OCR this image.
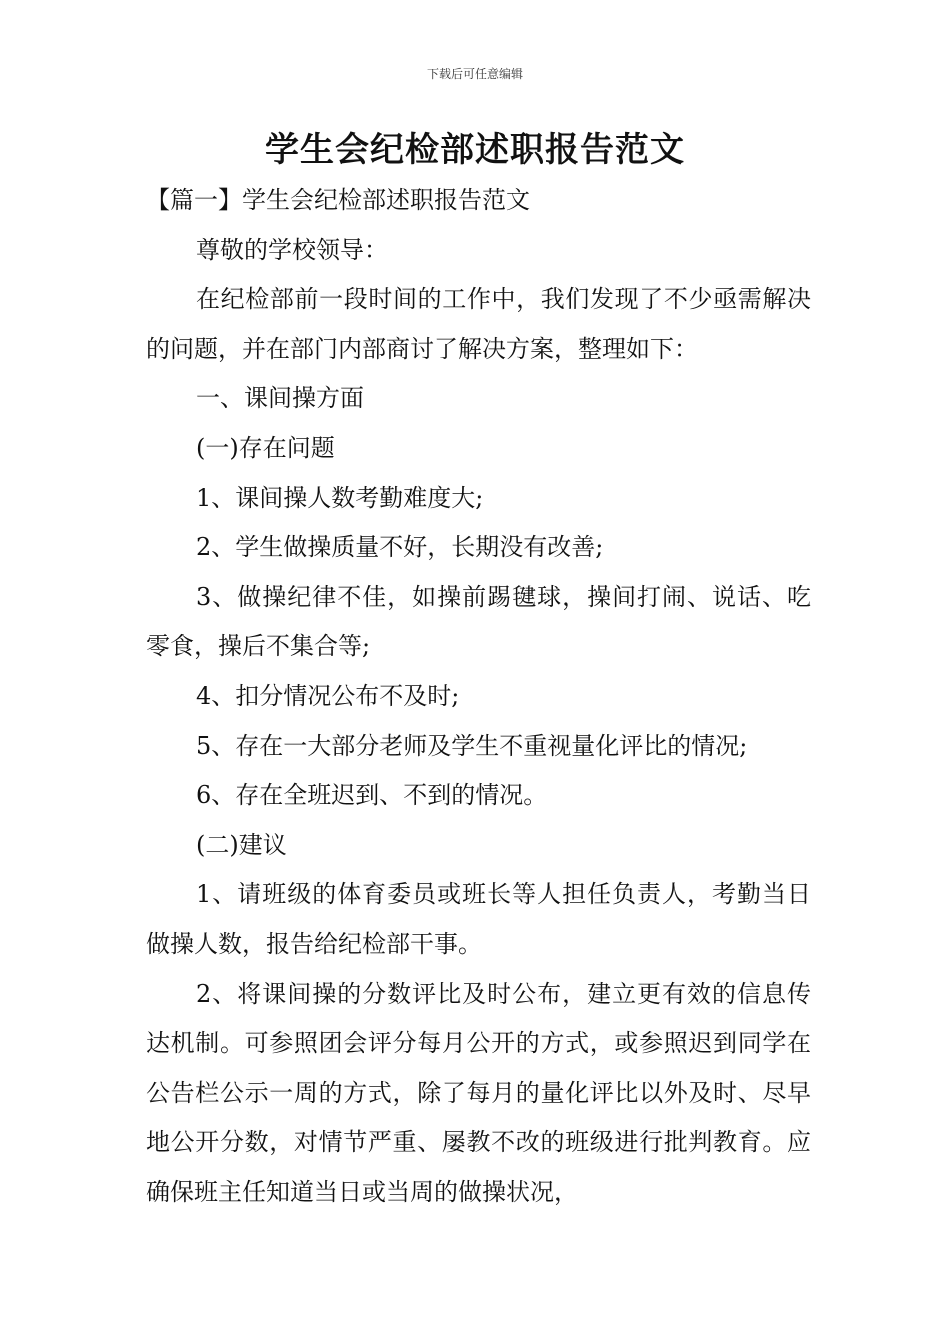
下载后可任意编辑
学生会纪检部述职报告范文

【篇一】学生会纪检部述职报告范文

尊敬的学校领导：

在纪检部前一段时间的工作中，我们发现了不少亟需解决的问题，并在部门内部商讨了解决方案，整理如下：

一、课间操方面

(一)存在问题

1、课间操人数考勤难度大;

2、学生做操质量不好，长期没有改善;

3、做操纪律不佳，如操前踢毽球，操间打闹、说话、吃零食，操后不集合等;

4、扣分情况公布不及时;

5、存在一大部分老师及学生不重视量化评比的情况;

6、存在全班迟到、不到的情况。

(二)建议

1、请班级的体育委员或班长等人担任负责人，考勤当日做操人数，报告给纪检部干事。

2、将课间操的分数评比及时公布，建立更有效的信息传达机制。可参照团会评分每月公开的方式，或参照迟到同学在公告栏公示一周的方式，除了每月的量化评比以外及时、尽早地公开分数，对情节严重、屡教不改的班级进行批判教育。应确保班主任知道当日或当周的做操状况，
